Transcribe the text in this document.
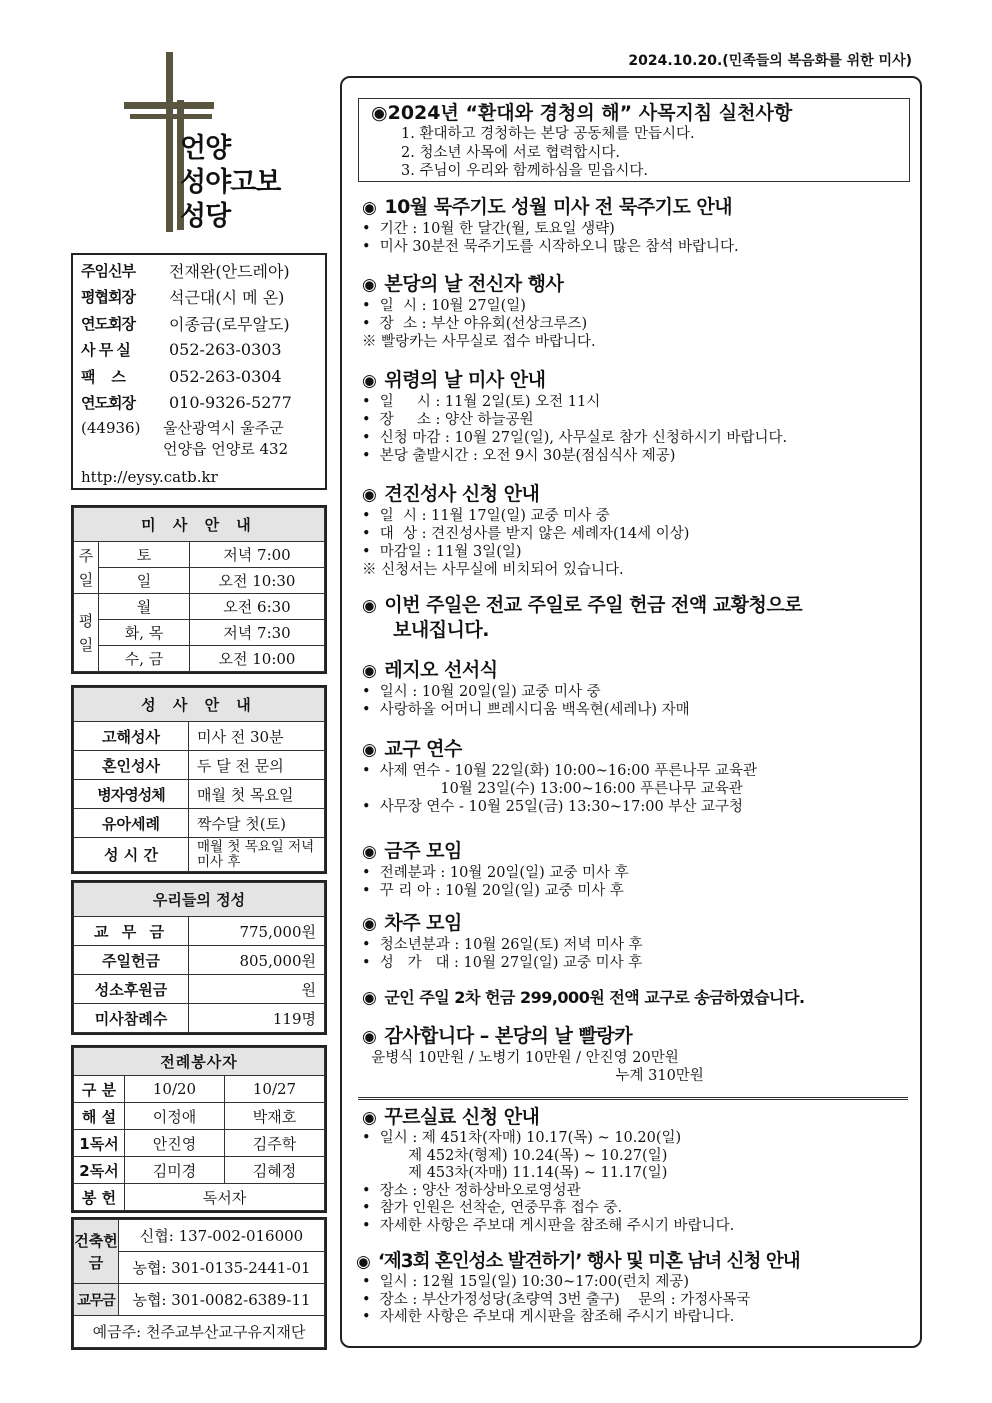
2024.10.20.(민족들의 복음화를 위한 미사)
언양
성야고보
성당
주임신부	전재완(안드레아)
평협회장	석근대(시 메 온)
연도회장	이종금(로무알도)
사 무 실	052-263-0303
팩    스	052-263-0304
연도회장	010-9326-5277
(44936)	울산광역시 울주군
언양읍 언양로 432
http://eysy.catb.kr
미 사 안 내		
주일	토	저녁 7:00
	일	오전 10:30
평일	월	오전 6:30
	화, 목	저녁 7:30
	수, 금	오전 10:00
성 사 안 내	
고해성사	미사 전 30분
혼인성사	두 달 전 문의
병자영성체	매월 첫 목요일
유아세례	짝수달 첫(토)
성 시 간	매월 첫 목요일 저녁미사 후
우리들의 정성	
교 무 금	775,000원
주일헌금	805,000원
성소후원금	원
미사참례수	119명
전례봉사자		
구 분	10/20	10/27
해 설	이정애	박재호
1독서	안진영	김주학
2독서	김미경	김혜정
봉 헌	독서자	
건축헌금	신협: 137-002-016000
	농협: 301-0135-2441-01
교무금	농협: 301-0082-6389-11
예금주: 천주교부산교구유지재단	
◉2024년 “환대와 경청의 해” 사목지침 실천사항

1. 환대하고 경청하는 본당 공동체를 만듭시다.

2. 청소년 사목에 서로 협력합시다.

3. 주님이 우리와 함께하심을 믿읍시다.

◉ 10월 묵주기도 성월 미사 전 묵주기도 안내

•  기간 : 10월 한 달간(월, 토요일 생략)
•  미사 30분전 묵주기도를 시작하오니 많은 참석 바랍니다.

◉ 본당의 날 전신자 행사

•  일  시 : 10월 27일(일)
•  장  소 : 부산 야유회(선상크루즈)
※ 빨랑카는 사무실로 접수 바랍니다.

◉ 위령의 날 미사 안내

•  일     시 : 11월 2일(토) 오전 11시
•  장     소 : 양산 하늘공원
•  신청 마감 : 10월 27일(일), 사무실로 참가 신청하시기 바랍니다.
•  본당 출발시간 : 오전 9시 30분(점심식사 제공)

◉ 견진성사 신청 안내

•  일  시 : 11월 17일(일) 교중 미사 중
•  대  상 : 견진성사를 받지 않은 세례자(14세 이상)
•  마감일 : 11월 3일(일)
※ 신청서는 사무실에 비치되어 있습니다.

◉ 이번 주일은 전교 주일로 주일 헌금 전액 교황청으로
보내집니다.
◉ 레지오 선서식

•  일시 : 10월 20일(일) 교중 미사 중
•  사랑하올 어머니 쁘레시디움 백옥현(세레나) 자매

◉ 교구 연수

•  사제 연수 - 10월 22일(화) 10:00~16:00 푸른나무 교육관
10월 23일(수) 13:00~16:00 푸른나무 교육관
•  사무장 연수 - 10월 25일(금) 13:30~17:00 부산 교구청

◉ 금주 모임

•  전례분과 : 10월 20일(일) 교중 미사 후
•  꾸 리 아 : 10월 20일(일) 교중 미사 후

◉ 차주 모임

•  청소년분과 : 10월 26일(토) 저녁 미사 후
•  성   가   대 : 10월 27일(일) 교중 미사 후

◉ 군인 주일 2차 헌금 299,000원 전액 교구로 송금하였습니다.
◉ 감사합니다 – 본당의 날 빨랑카

윤병식 10만원 / 노병기 10만원 / 안진영 20만원
누계 310만원

◉ 꾸르실료 신청 안내

•  일시 : 제 451차(자매) 10.17(목) ~ 10.20(일)
제 452차(형제) 10.24(목) ~ 10.27(일)
제 453차(자매) 11.14(목) ~ 11.17(일)
•  장소 : 양산 정하상바오로영성관
•  참가 인원은 선착순, 연중무휴 접수 중.
•  자세한 사항은 주보대 게시판을 참조해 주시기 바랍니다.

◉ ‘제3회 혼인성소 발견하기’ 행사 및 미혼 남녀 신청 안내

•  일시 : 12월 15일(일) 10:30~17:00(런치 제공)
•  장소 : 부산가정성당(초량역 3번 출구)    문의 : 가정사목국
•  자세한 사항은 주보대 게시판을 참조해 주시기 바랍니다.
